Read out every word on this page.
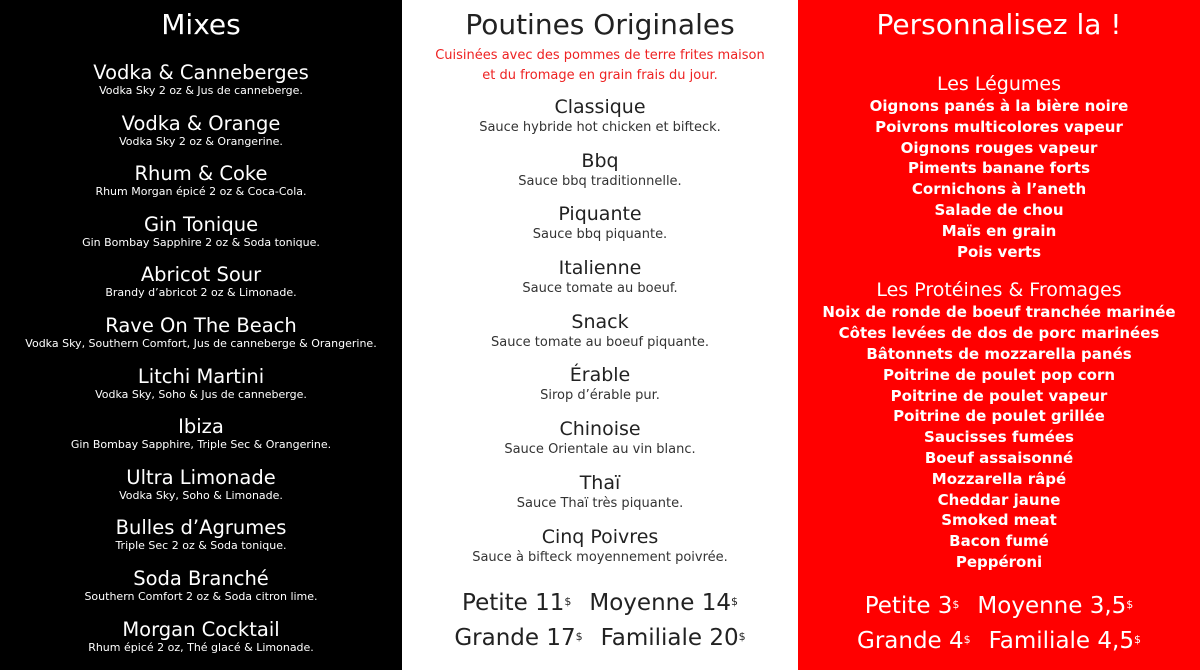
Mixes
Vodka & Canneberges
Vodka Sky 2 oz & Jus de canneberge.
Vodka & Orange
Vodka Sky 2 oz & Orangerine.
Rhum & Coke
Rhum Morgan épicé 2 oz & Coca-Cola.
Gin Tonique
Gin Bombay Sapphire 2 oz & Soda tonique.
Abricot Sour
Brandy d’abricot 2 oz & Limonade.
Rave On The Beach
Vodka Sky, Southern Comfort, Jus de canneberge & Orangerine.
Litchi Martini
Vodka Sky, Soho & Jus de canneberge.
Ibiza
Gin Bombay Sapphire, Triple Sec & Orangerine.
Ultra Limonade
Vodka Sky, Soho & Limonade.
Bulles d’Agrumes
Triple Sec 2 oz & Soda tonique.
Soda Branché
Southern Comfort 2 oz & Soda citron lime.
Morgan Cocktail
Rhum épicé 2 oz, Thé glacé & Limonade.
Poutines Originales
Cuisinées avec des pommes de terre frites maison
et du fromage en grain frais du jour.
Classique
Sauce hybride hot chicken et bifteck.
Bbq
Sauce bbq traditionnelle.
Piquante
Sauce bbq piquante.
Italienne
Sauce tomate au boeuf.
Snack
Sauce tomate au boeuf piquante.
Érable
Sirop d’érable pur.
Chinoise
Sauce Orientale au vin blanc.
Thaï
Sauce Thaï très piquante.
Cinq Poivres
Sauce à bifteck moyennement poivrée.
Petite 11$ Moyenne 14$
Grande 17$ Familiale 20$
Personnalisez la !
Les Légumes
Oignons panés à la bière noire
Poivrons multicolores vapeur
Oignons rouges vapeur
Piments banane forts
Cornichons à l’aneth
Salade de chou
Maïs en grain
Pois verts
Les Protéines & Fromages
Noix de ronde de boeuf tranchée marinée
Côtes levées de dos de porc marinées
Bâtonnets de mozzarella panés
Poitrine de poulet pop corn
Poitrine de poulet vapeur
Poitrine de poulet grillée
Saucisses fumées
Boeuf assaisonné
Mozzarella râpé
Cheddar jaune
Smoked meat
Bacon fumé
Peppéroni
Petite 3$ Moyenne 3,5$
Grande 4$ Familiale 4,5$
